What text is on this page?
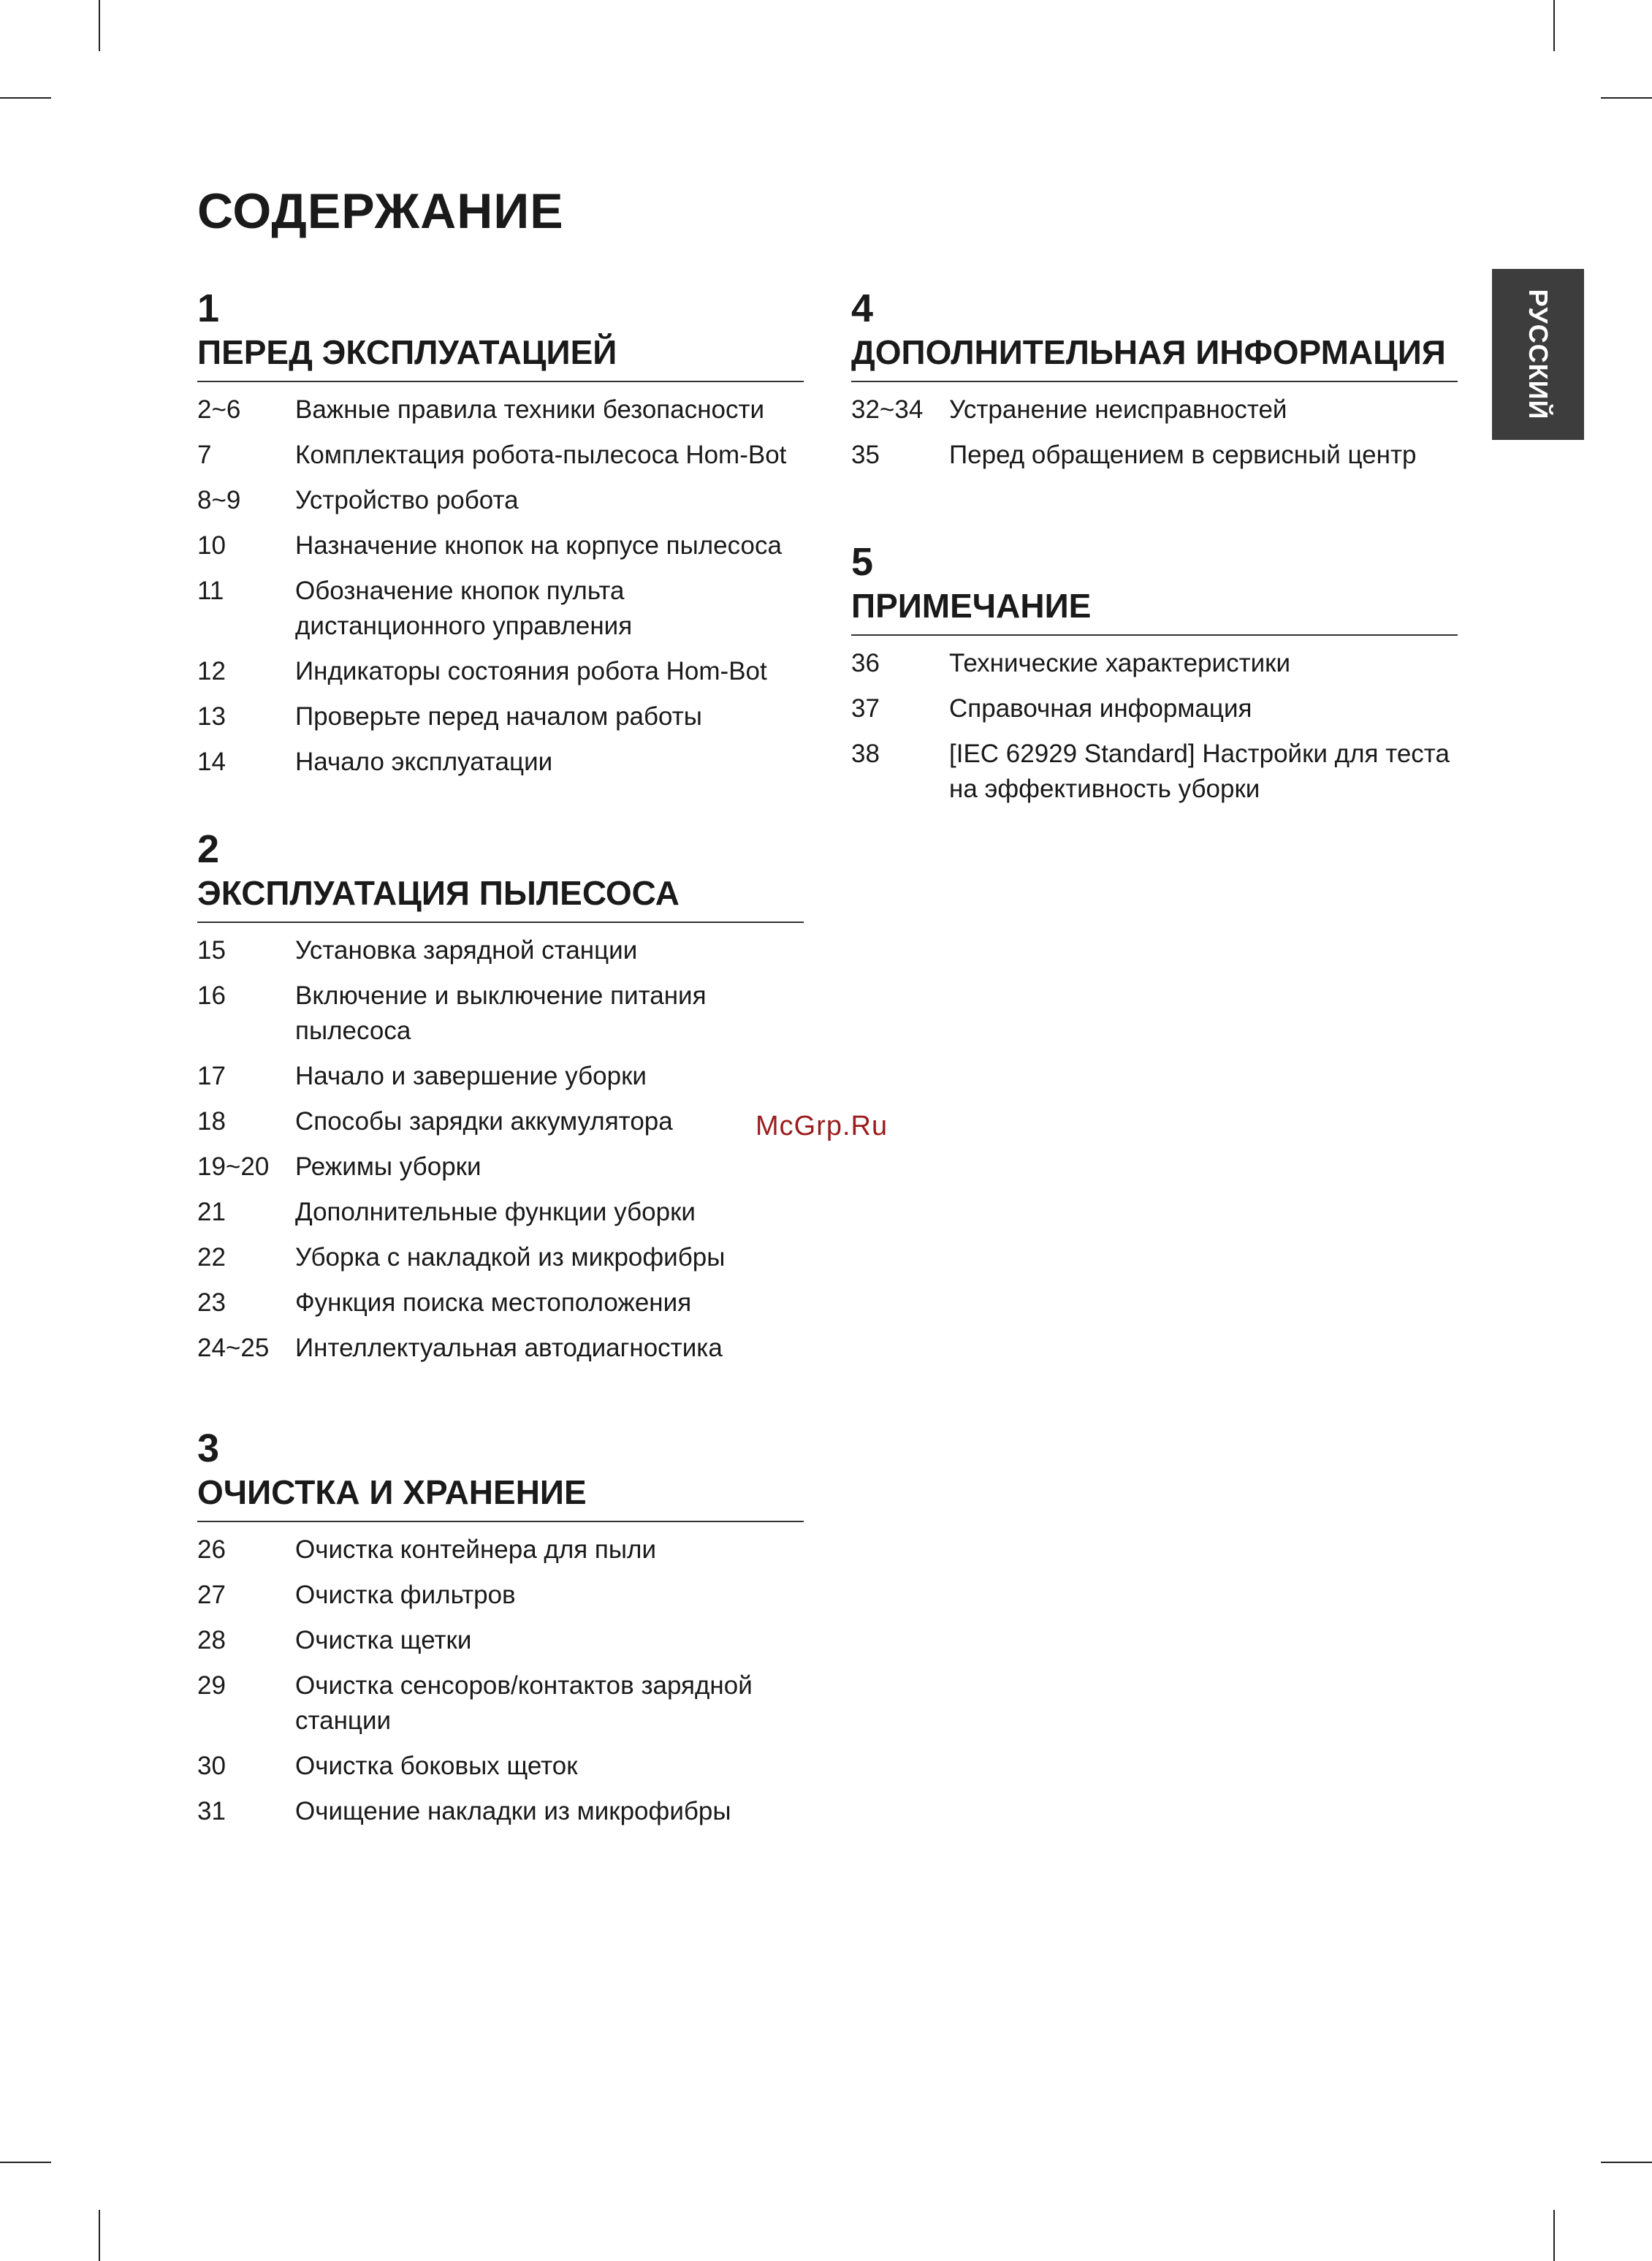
СОДЕРЖАНИЕ
РУССКИЙ
1
ПЕРЕД ЭКСПЛУАТАЦИЕЙ
2~6	Важные правила техники безопасности
7	Комплектация робота-пылесоса Hom-Bot
8~9	Устройство робота
10	Назначение кнопок на корпусе пылесоса
11	Обозначение кнопок пульта дистанционного управления
12	Индикаторы состояния робота Hom-Bot
13	Проверьте перед началом работы
14	Начало эксплуатации
2
ЭКСПЛУАТАЦИЯ ПЫЛЕСОСА
15	Установка зарядной станции
16	Включение и выключение питания пылесоса
17	Начало и завершение уборки
18	Способы зарядки аккумулятора
19~20	Режимы уборки
21	Дополнительные функции уборки
22	Уборка с накладкой из микрофибры
23	Функция поиска местоположения
24~25	Интеллектуальная автодиагностика
3
ОЧИСТКА И ХРАНЕНИЕ
26	Очистка контейнера для пыли
27	Очистка фильтров
28	Очистка щетки
29	Очистка сенсоров/контактов зарядной станции
30	Очистка боковых щеток
31	Очищение накладки из микрофибры
4
ДОПОЛНИТЕЛЬНАЯ ИНФОРМАЦИЯ
32~34	Устранение неисправностей
35	Перед обращением в сервисный центр
5
ПРИМЕЧАНИЕ
36	Технические характеристики
37	Справочная информация
38	[IEC 62929 Standard] Настройки для теста на эффективность уборки
McGrp.Ru
